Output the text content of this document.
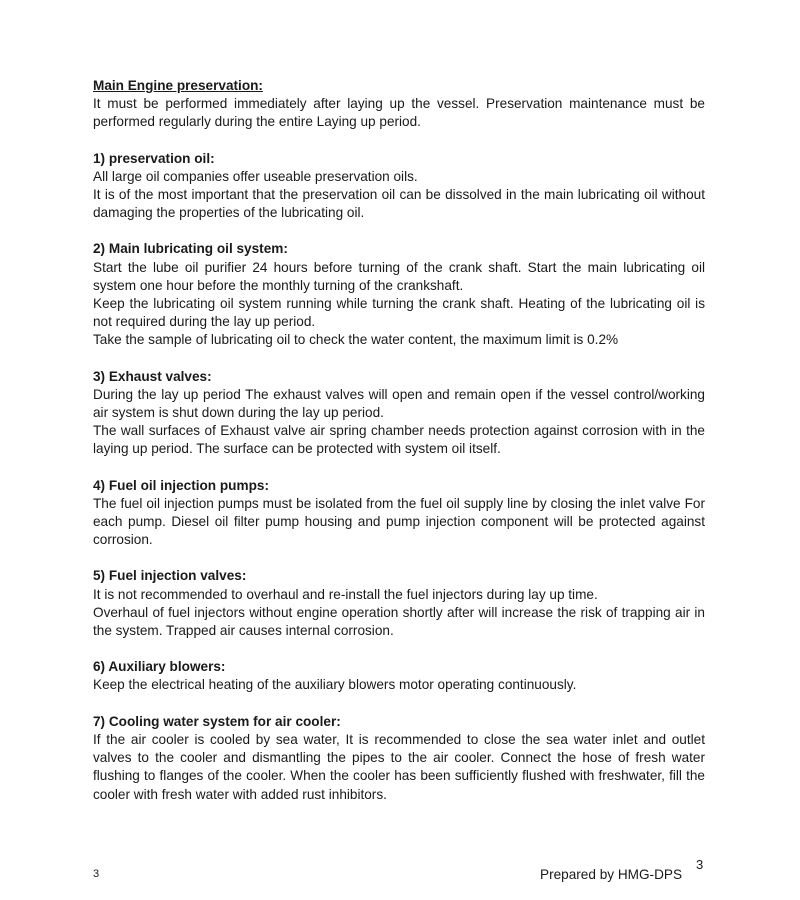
Main Engine preservation:

It must be performed immediately after laying up the vessel. Preservation maintenance must be performed regularly during the entire Laying up period.

1) preservation oil:

All large oil companies offer useable preservation oils.

It is of the most important that the preservation oil can be dissolved in the main lubricating oil without damaging the properties of the lubricating oil.

2) Main lubricating oil system:

Start the lube oil purifier 24 hours before turning of the crank shaft. Start the main lubricating oil system one hour before the monthly turning of the crankshaft.

Keep the lubricating oil system running while turning the crank shaft. Heating of the lubricating oil is not required during the lay up period.

Take the sample of lubricating oil to check the water content, the maximum limit is 0.2%

3) Exhaust valves:

During the lay up period The exhaust valves will open and remain open if the vessel control/working air system is shut down during the lay up period.

The wall surfaces of Exhaust valve air spring chamber needs protection against corrosion with in the laying up period. The surface can be protected with system oil itself.

4) Fuel oil injection pumps:

The fuel oil injection pumps must be isolated from the fuel oil supply line by closing the inlet valve For each pump. Diesel oil filter pump housing and pump injection component will be protected against corrosion.

5) Fuel injection valves:

It is not recommended to overhaul and re-install the fuel injectors during lay up time.

Overhaul of fuel injectors without engine operation shortly after will increase the risk of trapping air in the system. Trapped air causes internal corrosion.

6) Auxiliary blowers:

Keep the electrical heating of the auxiliary blowers motor operating continuously.

7) Cooling water system for air cooler:

If the air cooler is cooled by sea water, It is recommended to close the sea water inlet and outlet valves to the cooler and dismantling the pipes to the air cooler. Connect the hose of fresh water flushing to flanges of the cooler. When the cooler has been sufficiently flushed with freshwater, fill the cooler with fresh water with added rust inhibitors.

3	Prepared by HMG-DPS
3
